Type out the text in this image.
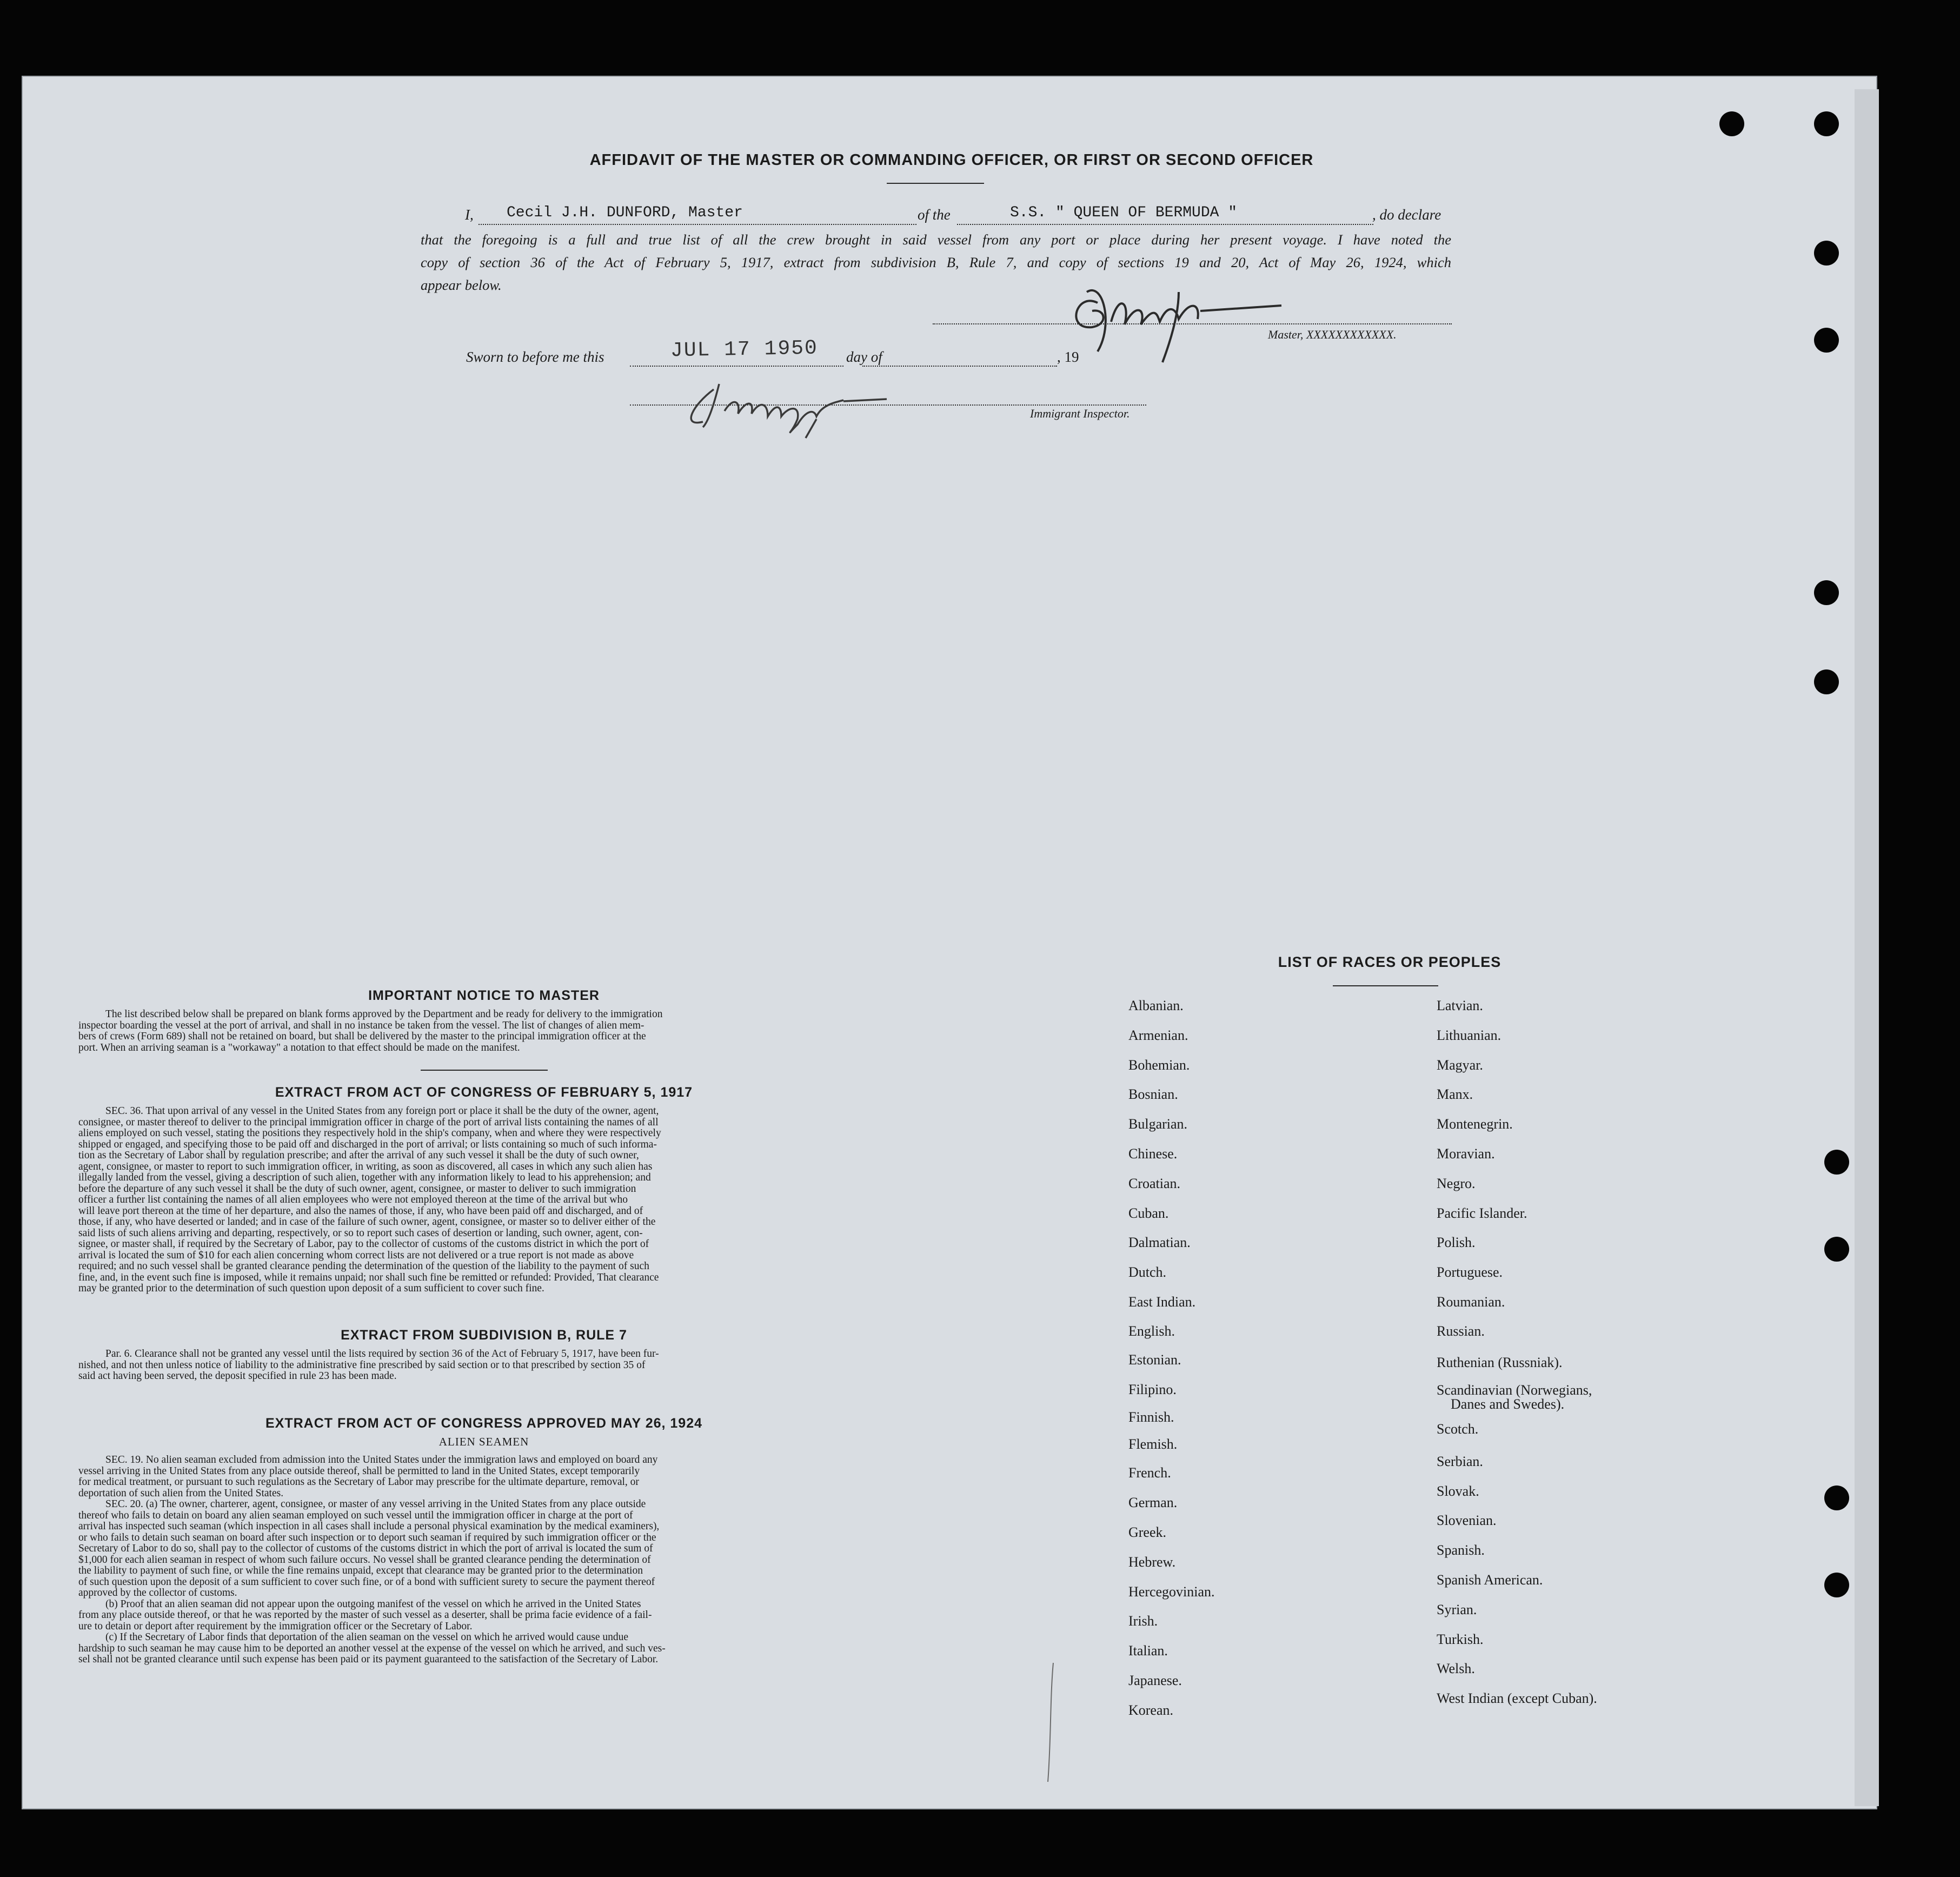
AFFIDAVIT OF THE MASTER OR COMMANDING OFFICER, OR FIRST OR SECOND OFFICER
I, Cecil J.H. DUNFORD, Master	of the	S.S. " QUEEN OF BERMUDA "	, do declare
that the foregoing is a full and true list of all the crew brought in said vessel from any port or place during her present voyage. I have noted the
copy of section 36 of the Act of February 5, 1917, extract from subdivision B, Rule 7, and copy of sections 19 and 20, Act of May 26, 1924, which
appear below.
Master, XXXXXXXXXXXX.
Sworn to before me this	JUL 17 1950 day of	, 19
Immigrant Inspector.
IMPORTANT NOTICE TO MASTER
The list described below shall be prepared on blank forms approved by the Department and be ready for delivery to the immigration
inspector boarding the vessel at the port of arrival, and shall in no instance be taken from the vessel. The list of changes of alien mem-
bers of crews (Form 689) shall not be retained on board, but shall be delivered by the master to the principal immigration officer at the
port. When an arriving seaman is a "workaway" a notation to that effect should be made on the manifest.
EXTRACT FROM ACT OF CONGRESS OF FEBRUARY 5, 1917
SEC. 36. That upon arrival of any vessel in the United States from any foreign port or place it shall be the duty of the owner, agent,
consignee, or master thereof to deliver to the principal immigration officer in charge of the port of arrival lists containing the names of all
aliens employed on such vessel, stating the positions they respectively hold in the ship's company, when and where they were respectively
shipped or engaged, and specifying those to be paid off and discharged in the port of arrival; or lists containing so much of such informa-
tion as the Secretary of Labor shall by regulation prescribe; and after the arrival of any such vessel it shall be the duty of such owner,
agent, consignee, or master to report to such immigration officer, in writing, as soon as discovered, all cases in which any such alien has
illegally landed from the vessel, giving a description of such alien, together with any information likely to lead to his apprehension; and
before the departure of any such vessel it shall be the duty of such owner, agent, consignee, or master to deliver to such immigration
officer a further list containing the names of all alien employees who were not employed thereon at the time of the arrival but who
will leave port thereon at the time of her departure, and also the names of those, if any, who have been paid off and discharged, and of
those, if any, who have deserted or landed; and in case of the failure of such owner, agent, consignee, or master so to deliver either of the
said lists of such aliens arriving and departing, respectively, or so to report such cases of desertion or landing, such owner, agent, con-
signee, or master shall, if required by the Secretary of Labor, pay to the collector of customs of the customs district in which the port of
arrival is located the sum of $10 for each alien concerning whom correct lists are not delivered or a true report is not made as above
required; and no such vessel shall be granted clearance pending the determination of the question of the liability to the payment of such
fine, and, in the event such fine is imposed, while it remains unpaid; nor shall such fine be remitted or refunded: Provided, That clearance
may be granted prior to the determination of such question upon deposit of a sum sufficient to cover such fine.
EXTRACT FROM SUBDIVISION B, RULE 7
Par. 6. Clearance shall not be granted any vessel until the lists required by section 36 of the Act of February 5, 1917, have been fur-
nished, and not then unless notice of liability to the administrative fine prescribed by said section or to that prescribed by section 35 of
said act having been served, the deposit specified in rule 23 has been made.
EXTRACT FROM ACT OF CONGRESS APPROVED MAY 26, 1924
ALIEN SEAMEN
SEC. 19. No alien seaman excluded from admission into the United States under the immigration laws and employed on board any
vessel arriving in the United States from any place outside thereof, shall be permitted to land in the United States, except temporarily
for medical treatment, or pursuant to such regulations as the Secretary of Labor may prescribe for the ultimate departure, removal, or
deportation of such alien from the United States.
SEC. 20. (a) The owner, charterer, agent, consignee, or master of any vessel arriving in the United States from any place outside
thereof who fails to detain on board any alien seaman employed on such vessel until the immigration officer in charge at the port of
arrival has inspected such seaman (which inspection in all cases shall include a personal physical examination by the medical examiners),
or who fails to detain such seaman on board after such inspection or to deport such seaman if required by such immigration officer or the
Secretary of Labor to do so, shall pay to the collector of customs of the customs district in which the port of arrival is located the sum of
$1,000 for each alien seaman in respect of whom such failure occurs. No vessel shall be granted clearance pending the determination of
the liability to payment of such fine, or while the fine remains unpaid, except that clearance may be granted prior to the determination
of such question upon the deposit of a sum sufficient to cover such fine, or of a bond with sufficient surety to secure the payment thereof
approved by the collector of customs.
(b) Proof that an alien seaman did not appear upon the outgoing manifest of the vessel on which he arrived in the United States
from any place outside thereof, or that he was reported by the master of such vessel as a deserter, shall be prima facie evidence of a fail-
ure to detain or deport after requirement by the immigration officer or the Secretary of Labor.
(c) If the Secretary of Labor finds that deportation of the alien seaman on the vessel on which he arrived would cause undue
hardship to such seaman he may cause him to be deported an another vessel at the expense of the vessel on which he arrived, and such ves-
sel shall not be granted clearance until such expense has been paid or its payment guaranteed to the satisfaction of the Secretary of Labor.
LIST OF RACES OR PEOPLES
Albanian.
Armenian.
Bohemian.
Bosnian.
Bulgarian.
Chinese.
Croatian.
Cuban.
Dalmatian.
Dutch.
East Indian.
English.
Estonian.
Filipino.
Finnish.
Flemish.
French.
German.
Greek.
Hebrew.
Hercegovinian.
Irish.
Italian.
Japanese.
Korean.
Latvian.
Lithuanian.
Magyar.
Manx.
Montenegrin.
Moravian.
Negro.
Pacific Islander.
Polish.
Portuguese.
Roumanian.
Russian.
Ruthenian (Russniak).
Scandinavian (Norwegians,
Danes and Swedes).
Scotch.
Serbian.
Slovak.
Slovenian.
Spanish.
Spanish American.
Syrian.
Turkish.
Welsh.
West Indian (except Cuban).
